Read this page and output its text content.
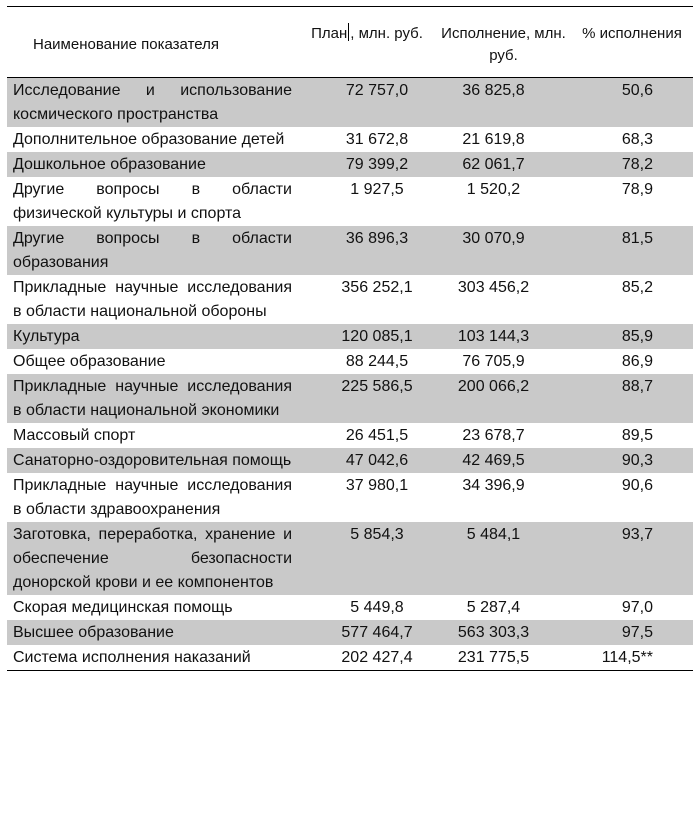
Наименование показателя	План , млн. руб.	Исполнение, млн. руб.	% исполнения
Исследование и использование космического пространства	72 757,0	36 825,8	50,6
Дополнительное образование детей	31 672,8	21 619,8	68,3
Дошкольное образование	79 399,2	62 061,7	78,2
Другие вопросы в области физической культуры и спорта	1 927,5	1 520,2	78,9
Другие вопросы в области образования	36 896,3	30 070,9	81,5
Прикладные научные исследования в области национальной обороны	356 252,1	303 456,2	85,2
Культура	120 085,1	103 144,3	85,9
Общее образование	88 244,5	76 705,9	86,9
Прикладные научные исследования в области национальной экономики	225 586,5	200 066,2	88,7
Массовый спорт	26 451,5	23 678,7	89,5
Санаторно-оздоровительная помощь	47 042,6	42 469,5	90,3
Прикладные научные исследования в области здравоохранения	37 980,1	34 396,9	90,6
Заготовка, переработка, хранение и обеспечение безопасности донорской крови и ее компонентов	5 854,3	5 484,1	93,7
Скорая медицинская помощь	5 449,8	5 287,4	97,0
Высшее образование	577 464,7	563 303,3	97,5
Система исполнения наказаний	202 427,4	231 775,5	114,5**
